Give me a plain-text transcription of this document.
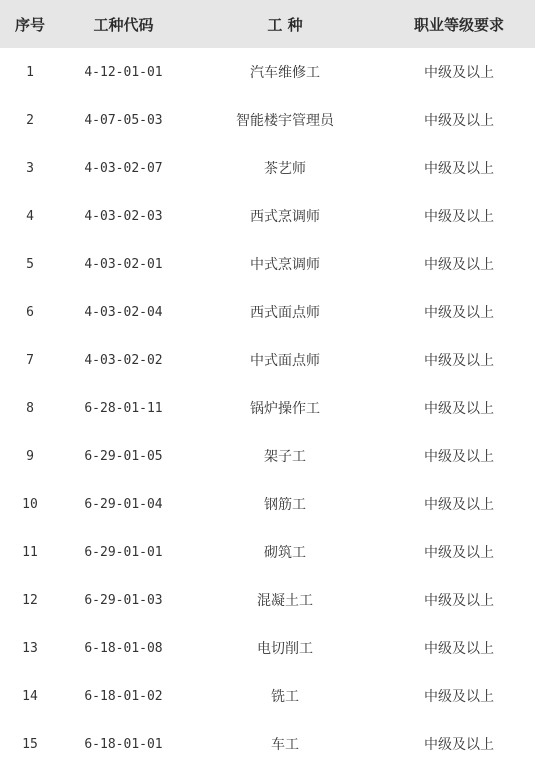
序号	工种代码	工 种	职业等级要求
1	4-12-01-01	汽车维修工	中级及以上
2	4-07-05-03	智能楼宇管理员	中级及以上
3	4-03-02-07	茶艺师	中级及以上
4	4-03-02-03	西式烹调师	中级及以上
5	4-03-02-01	中式烹调师	中级及以上
6	4-03-02-04	西式面点师	中级及以上
7	4-03-02-02	中式面点师	中级及以上
8	6-28-01-11	锅炉操作工	中级及以上
9	6-29-01-05	架子工	中级及以上
10	6-29-01-04	钢筋工	中级及以上
11	6-29-01-01	砌筑工	中级及以上
12	6-29-01-03	混凝土工	中级及以上
13	6-18-01-08	电切削工	中级及以上
14	6-18-01-02	铣工	中级及以上
15	6-18-01-01	车工	中级及以上
